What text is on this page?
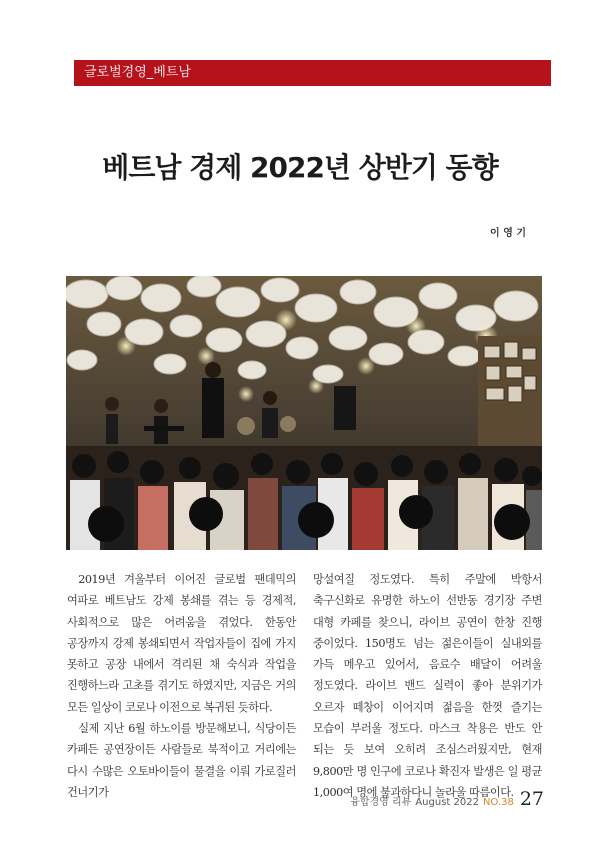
글로벌경영_베트남
베트남 경제 2022년 상반기 동향
이 영 기

2019년 겨울부터 이어진 글로벌 팬데믹의 여파로 베트남도 강제 봉쇄를 겪는 등 경제적, 사회적으로 많은 어려움을 겪었다. 한동안 공장까지 강제 봉쇄되면서 작업자들이 집에 가지 못하고 공장 내에서 격리된 채 숙식과 작업을 진행하느라 고초를 겪기도 하였지만, 지금은 거의 모든 일상이 코로나 이전으로 복귀된 듯하다.

실제 지난 6월 하노이를 방문해보니, 식당이든 카페든 공연장이든 사람들로 북적이고 거리에는 다시 수많은 오토바이들이 물결을 이뤄 가로질러 건너기가

망설여질 정도였다. 특히 주말에 박항서 축구신화로 유명한 하노이 선반동 경기장 주변 대형 카페를 찾으니, 라이브 공연이 한창 진행 중이었다. 150명도 넘는 젊은이들이 실내외를 가득 메우고 있어서, 음료수 배달이 어려울 정도였다. 라이브 밴드 실력이 좋아 분위기가 오르자 떼창이 이어지며 젊음을 한껏 즐기는 모습이 부러울 정도다. 마스크 착용은 반도 안 되는 듯 보여 오히려 조심스러웠지만, 현재 9,800만 명 인구에 코로나 확진자 발생은 일 평균 1,000여 명에 불과하다니 놀라울 따름이다.

융합경영 리뷰 August 2022 NO.38 27
